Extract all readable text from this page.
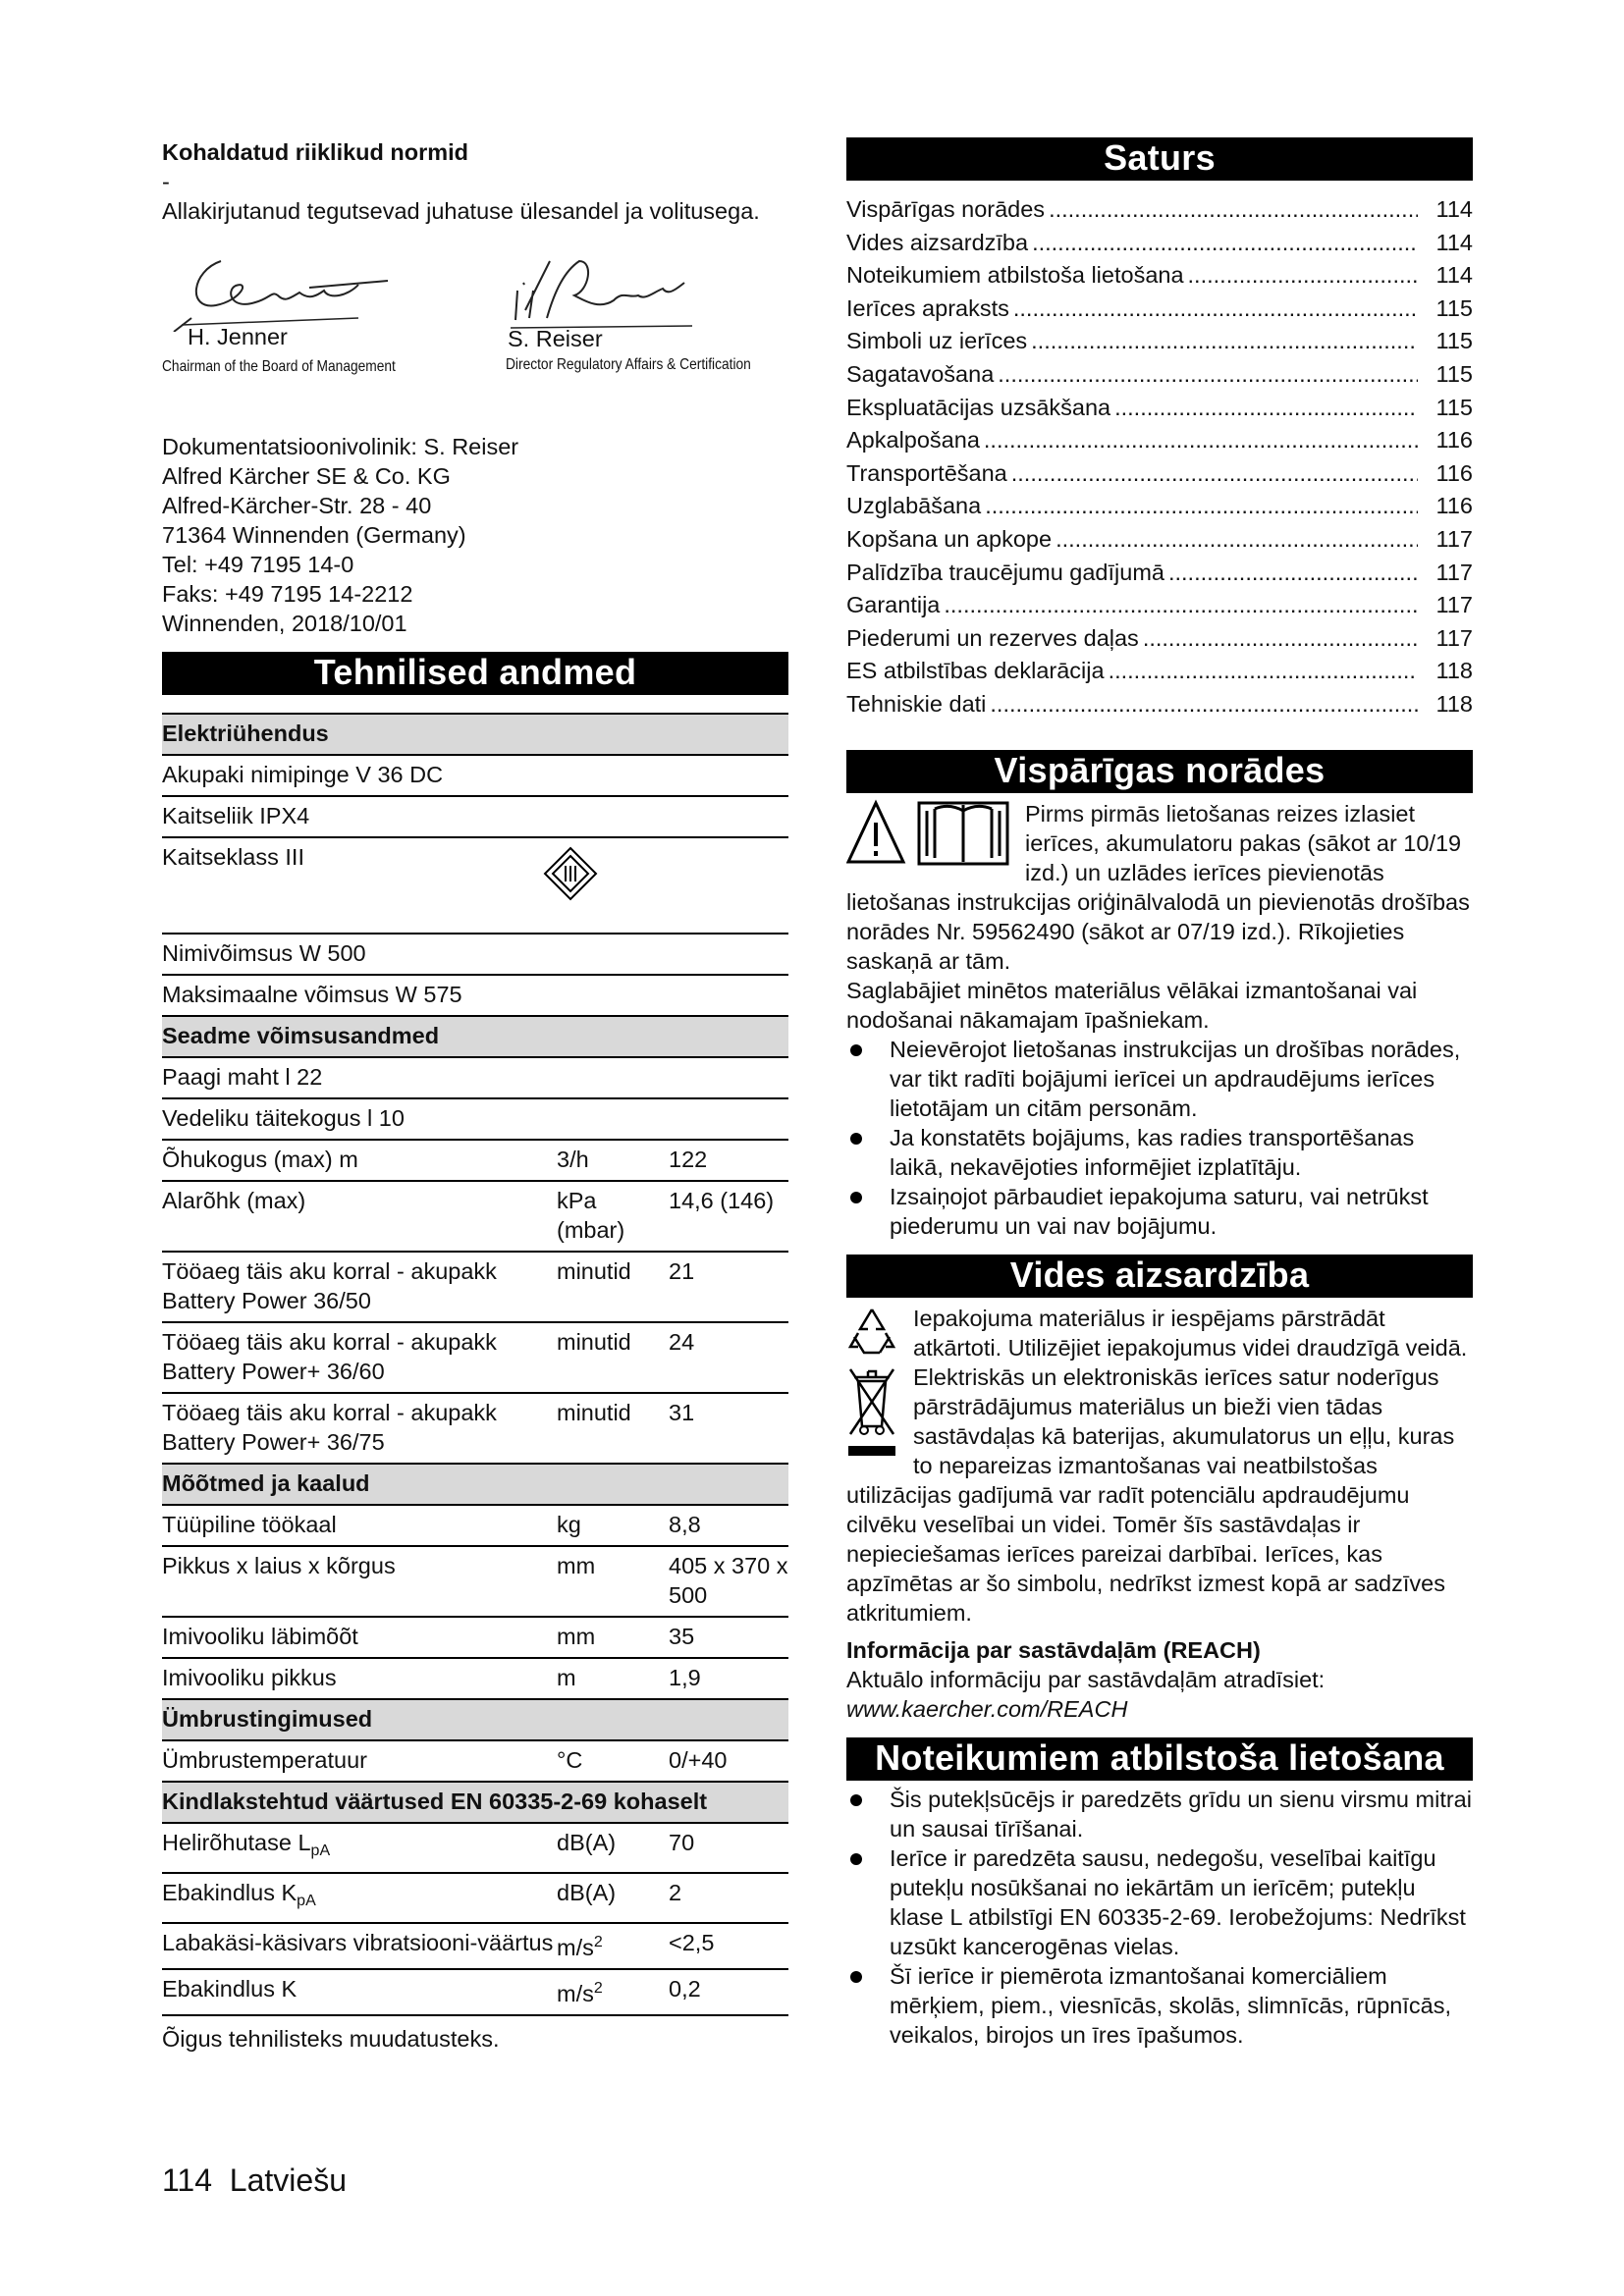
Kohaldatud riiklikud normid

-

Allakirjutanud tegutsevad juhatuse ülesandel ja volitusega.

H. Jenner
Chairman of the Board of Management
S. Reiser
Director Regulatory Affairs & Certification

Dokumentatsioonivolinik: S. Reiser

Alfred Kärcher SE & Co. KG

Alfred-Kärcher-Str. 28 - 40

71364 Winnenden (Germany)

Tel: +49 7195 14-0

Faks: +49 7195 14-2212

Winnenden, 2018/10/01

Tehnilised andmed
Elektriühendus		
Akupaki nimipinge V 36 DC		
Kaitseliik IPX4		
Kaitseklass III

Nimivõimsus W 500		
Maksimaalne võimsus W 575		
Seadme võimsusandmed		
Paagi maht l 22		
Vedeliku täitekogus l 10		
Õhukogus (max) m	3/h	122
Alarõhk (max)	kPa (mbar)	14,6 (146)
Tööaeg täis aku korral - akupakk Battery Power 36/50	minutid	21
Tööaeg täis aku korral - akupakk Battery Power+ 36/60	minutid	24
Tööaeg täis aku korral - akupakk Battery Power+ 36/75	minutid	31
Mõõtmed ja kaalud		
Tüüpiline töökaal	kg	8,8
Pikkus x laius x kõrgus	mm	405 x 370 x 500
Imivooliku läbimõõt	mm	35
Imivooliku pikkus	m	1,9
Ümbrustingimused		
Ümbrustemperatuur	°C	0/+40
Kindlakstehtud väärtused EN 60335-2-69 kohaselt		
Helirõhutase $L_{pA}$	dB(A)	70
Ebakindlus $K_{pA}$	dB(A)	2
Labakäsi-käsivars vibratsiooni-väärtus	$m/s^2$	<2,5
Ebakindlus K	$m/s^2$	0,2

Õigus tehnilisteks muudatusteks.

Saturs
Vispārīgas norādes .....	114
Vides aizsardzība .....	114
Noteikumiem atbilstoša lietošana .....	114
Ierīces apraksts .....	115
Simboli uz ierīces .....	115
Sagatavošana .....	115
Ekspluatācijas uzsākšana .....	115
Apkalpošana .....	116
Transportēšana .....	116
Uzglabāšana .....	116
Kopšana un apkope .....	117
Palīdzība traucējumu gadījumā .....	117
Garantija .....	117
Piederumi un rezerves daļas .....	117
ES atbilstības deklarācija .....	118
Tehniskie dati .....	118
Vispārīgas norādes

Pirms pirmās lietošanas reizes izlasiet ierīces, akumulatoru pakas (sākot ar 10/19 izd.) un uzlādes ierīces pievienotās lietošanas instrukcijas oriģinālvalodā un pievienotās drošības norādes Nr. 59562490 (sākot ar 07/19 izd.). Rīkojieties saskaņā ar tām.

Saglabājiet minētos materiālus vēlākai izmantošanai vai nodošanai nākamajam īpašniekam.

Neievērojot lietošanas instrukcijas un drošības norādes, var tikt radīti bojājumi ierīcei un apdraudējums ierīces lietotājam un citām personām.

Ja konstatēts bojājums, kas radies transportēšanas laikā, nekavējoties informējiet izplatītāju.

Izsaiņojot pārbaudiet iepakojuma saturu, vai netrūkst piederumu un vai nav bojājumu.

Vides aizsardzība

Iepakojuma materiālus ir iespējams pārstrādāt atkārtoti. Utilizējiet iepakojumus videi draudzīgā veidā.

Elektriskās un elektroniskās ierīces satur noderīgus pārstrādājumus materiālus un bieži vien tādas sastāvdaļas kā baterijas, akumulatorus un eļļu, kuras to nepareizas izmantošanas vai neatbilstošas utilizācijas gadījumā var radīt potenciālu apdraudējumu cilvēku veselībai un videi. Tomēr šīs sastāvdaļas ir nepieciešamas ierīces pareizai darbībai. Ierīces, kas apzīmētas ar šo simbolu, nedrīkst izmest kopā ar sadzīves atkritumiem.

Informācija par sastāvdaļām (REACH)

Aktuālo informāciju par sastāvdaļām atradīsiet:

www.kaercher.com/REACH

Noteikumiem atbilstoša lietošana

Šis putekļsūcējs ir paredzēts grīdu un sienu virsmu mitrai un sausai tīrīšanai.

Ierīce ir paredzēta sausu, nedegošu, veselībai kaitīgu putekļu nosūkšanai no iekārtām un ierīcēm; putekļu klase L atbilstīgi EN 60335-2-69. Ierobežojums: Nedrīkst uzsūkt kancerogēnas vielas.

Šī ierīce ir piemērota izmantošanai komerciāliem mērķiem, piem., viesnīcās, skolās, slimnīcās, rūpnīcās, veikalos, birojos un īres īpašumos.

114 Latviešu
